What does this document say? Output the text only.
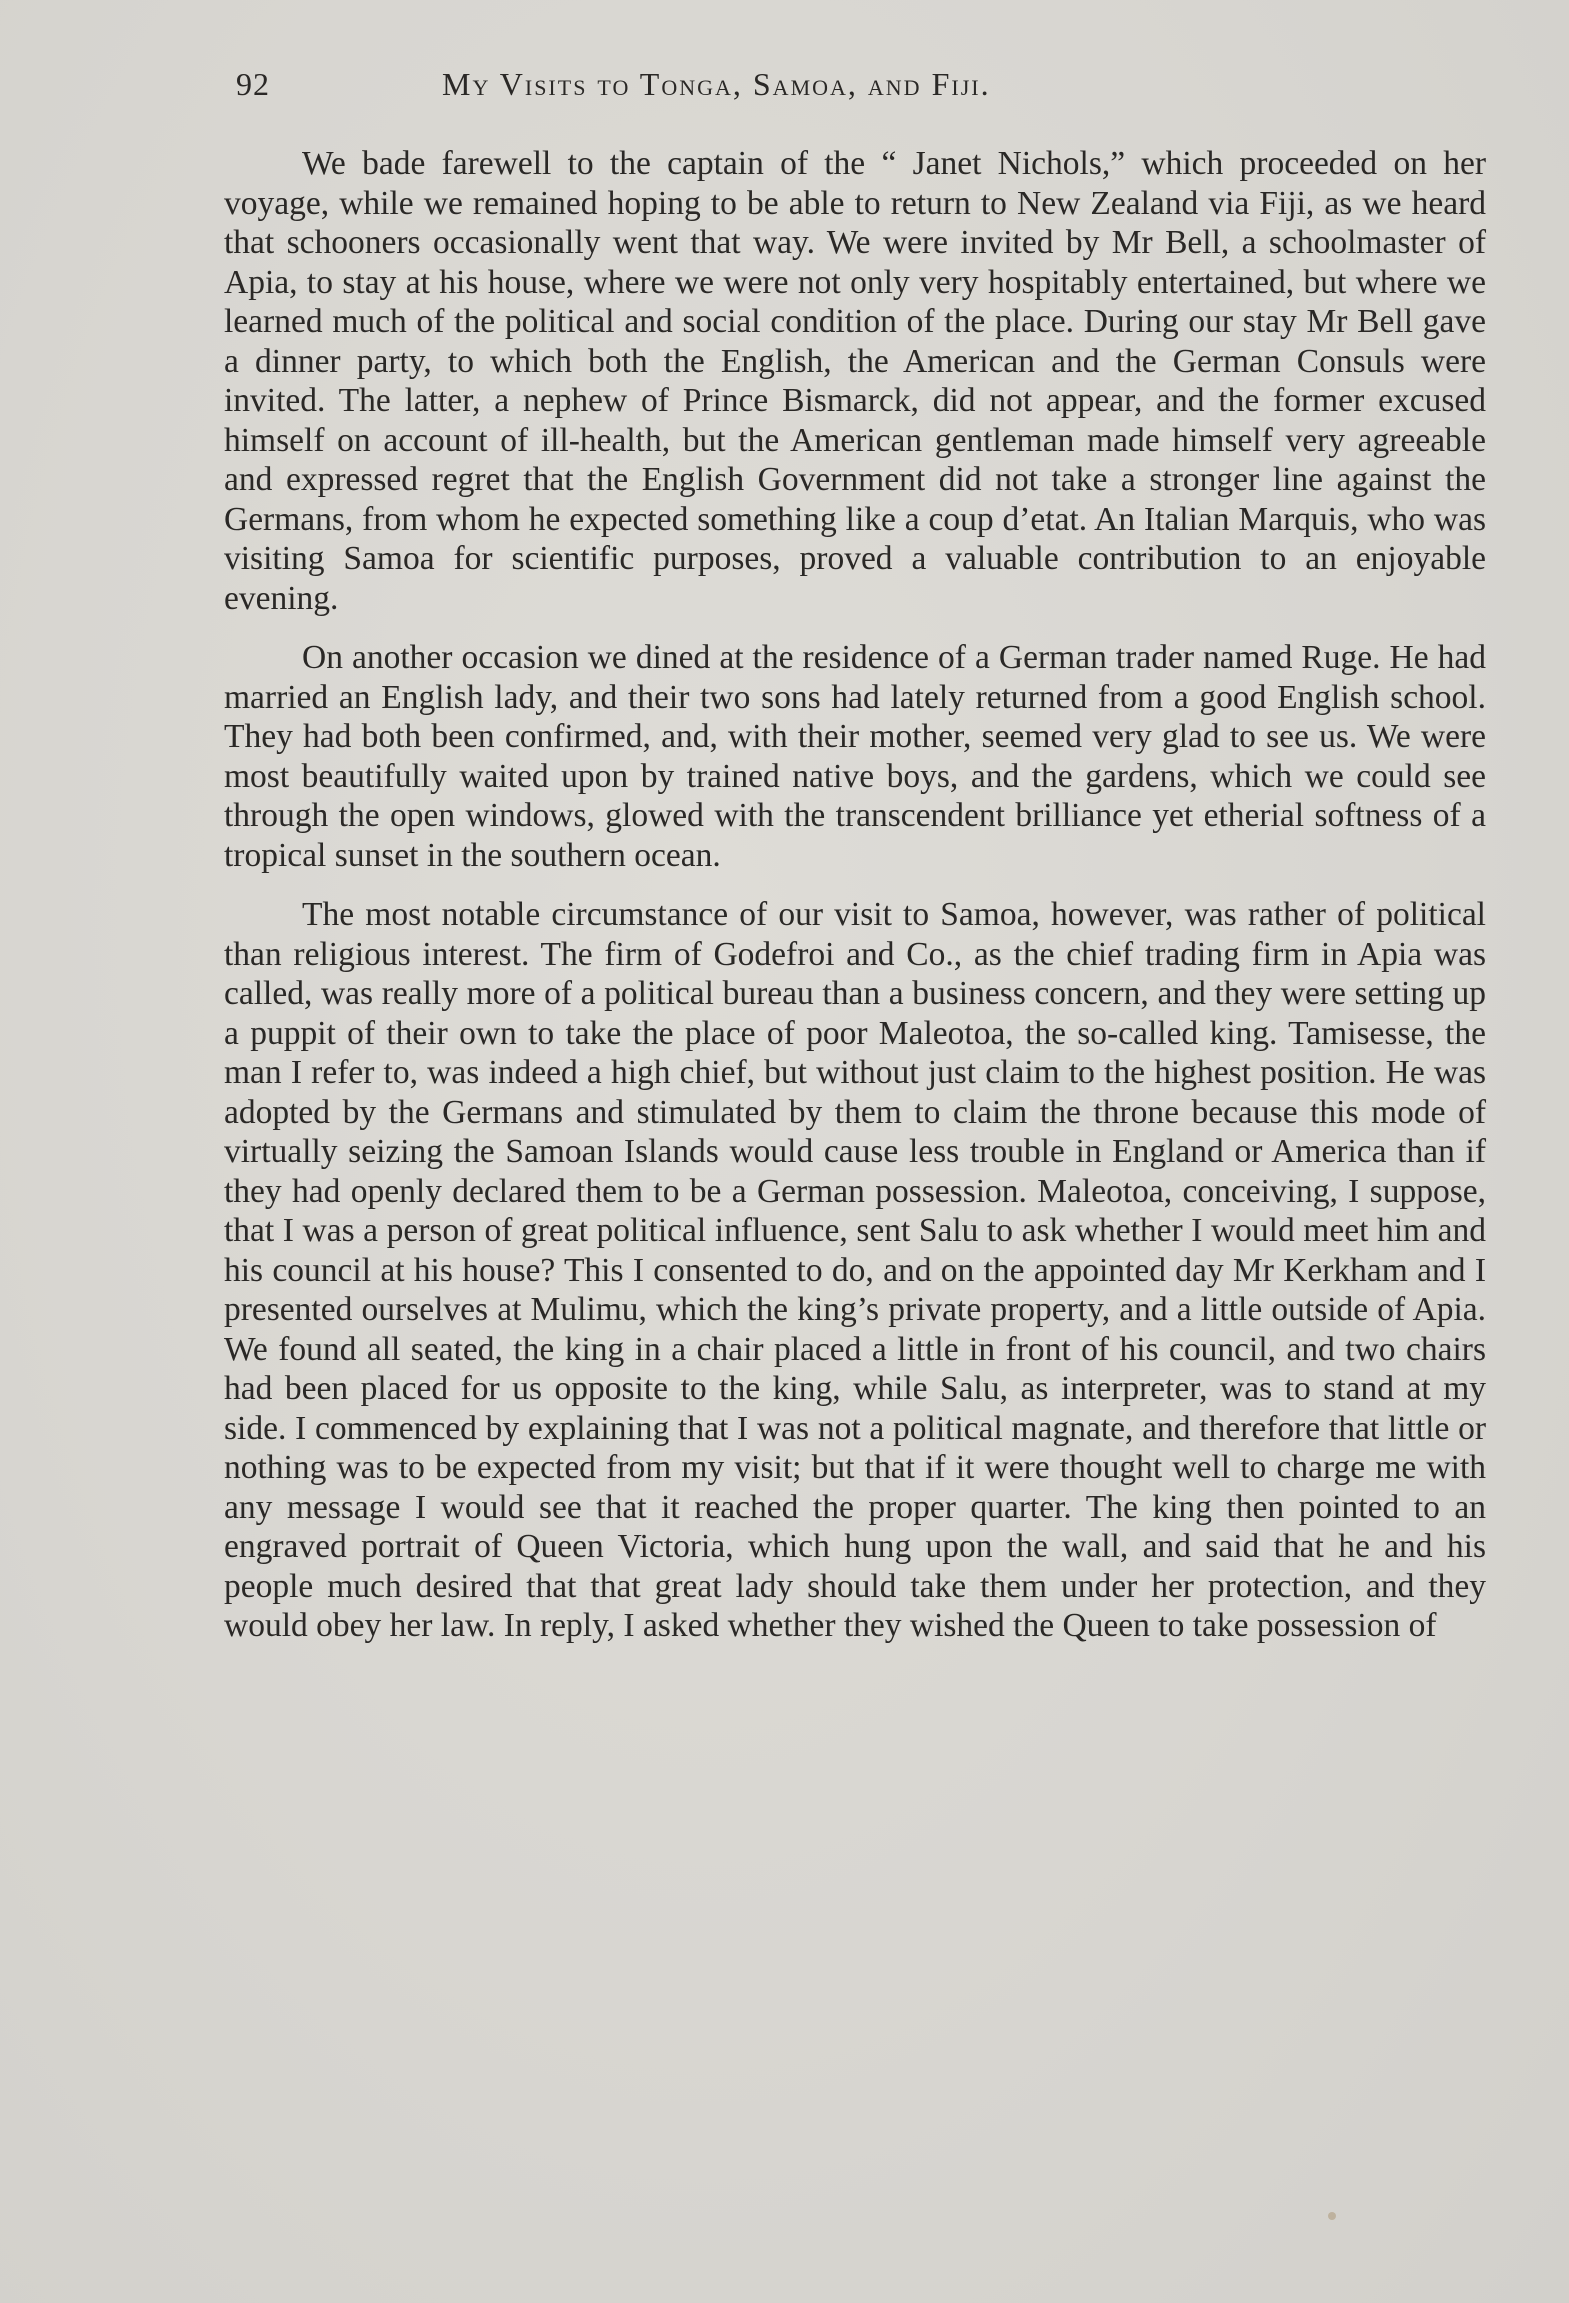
92	My Visits to Tonga, Samoa, and Fiji.

We bade farewell to the captain of the “ Janet Nichols,” which proceeded on her voyage, while we remained hoping to be able to return to New Zealand via Fiji, as we heard that schooners occasionally went that way. We were invited by Mr Bell, a schoolmaster of Apia, to stay at his house, where we were not only very hospitably entertained, but where we learned much of the political and social condition of the place. During our stay Mr Bell gave a dinner party, to which both the English, the American and the German Consuls were invited. The latter, a nephew of Prince Bismarck, did not appear, and the former excused himself on account of ill-health, but the American gentleman made himself very agreeable and expressed regret that the English Government did not take a stronger line against the Germans, from whom he expected something like a coup d’etat. An Italian Marquis, who was visiting Samoa for scientific purposes, proved a valuable contribution to an enjoyable evening.

On another occasion we dined at the residence of a German trader named Ruge. He had married an English lady, and their two sons had lately returned from a good English school. They had both been confirmed, and, with their mother, seemed very glad to see us. We were most beautifully waited upon by trained native boys, and the gardens, which we could see through the open windows, glowed with the transcendent brilliance yet etherial softness of a tropical sunset in the southern ocean.

The most notable circumstance of our visit to Samoa, however, was rather of political than religious interest. The firm of Godefroi and Co., as the chief trading firm in Apia was called, was really more of a political bureau than a business concern, and they were setting up a puppit of their own to take the place of poor Maleotoa, the so-called king. Tamisesse, the man I refer to, was indeed a high chief, but without just claim to the highest position. He was adopted by the Germans and stimulated by them to claim the throne because this mode of virtually seizing the Samoan Islands would cause less trouble in England or America than if they had openly declared them to be a German possession. Maleotoa, conceiving, I suppose, that I was a person of great political influence, sent Salu to ask whether I would meet him and his council at his house? This I consented to do, and on the appointed day Mr Kerkham and I presented ourselves at Mulimu, which the king’s private property, and a little outside of Apia. We found all seated, the king in a chair placed a little in front of his council, and two chairs had been placed for us opposite to the king, while Salu, as interpreter, was to stand at my side. I commenced by explaining that I was not a political magnate, and therefore that little or nothing was to be expected from my visit; but that if it were thought well to charge me with any message I would see that it reached the proper quarter. The king then pointed to an engraved portrait of Queen Victoria, which hung upon the wall, and said that he and his people much desired that that great lady should take them under her protection, and they would obey her law. In reply, I asked whether they wished the Queen to take possession of
